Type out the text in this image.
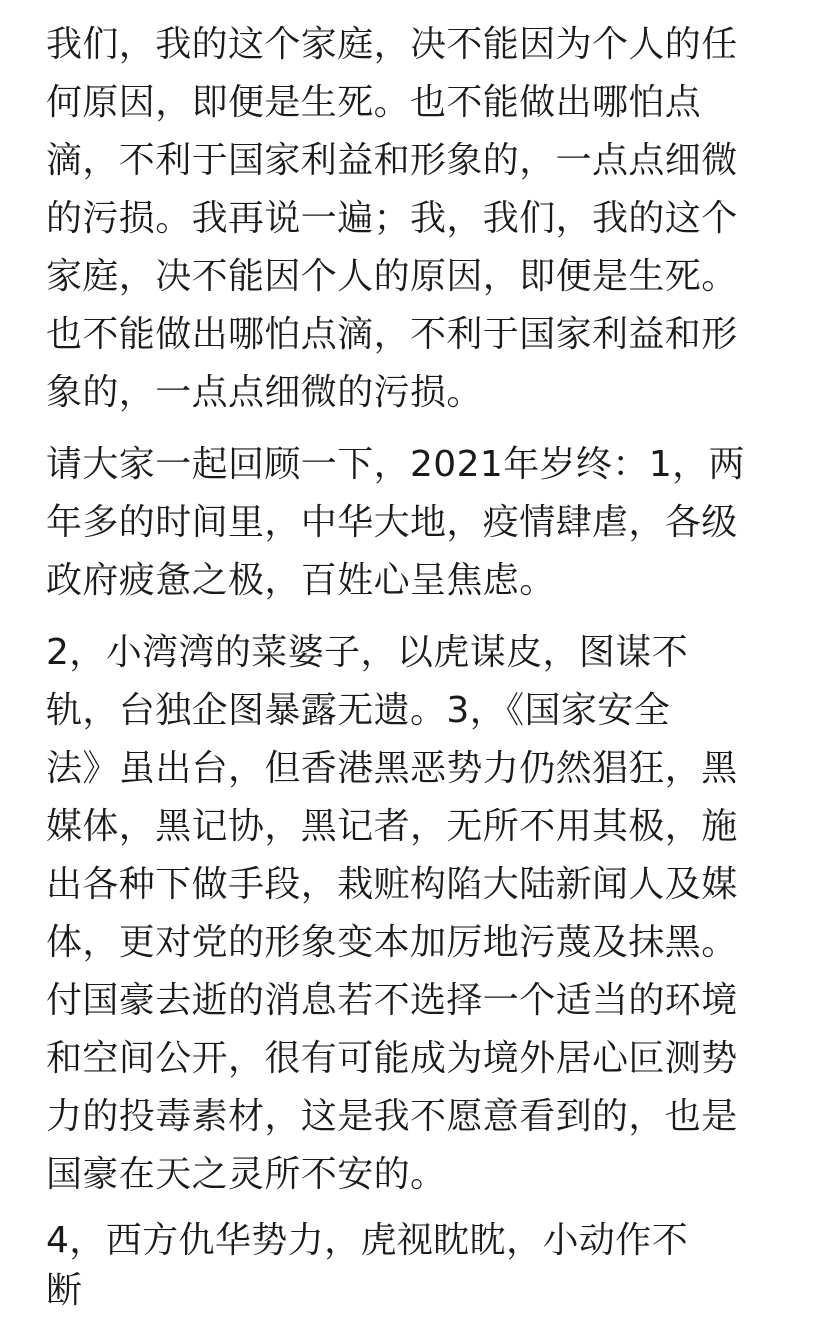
我们，我的这个家庭，决不能因为个人的任
何原因，即便是生死。也不能做出哪怕点
滴，不利于国家利益和形象的，一点点细微
的污损。我再说一遍；我，我们，我的这个
家庭，决不能因个人的原因，即便是生死。
也不能做出哪怕点滴，不利于国家利益和形
象的，一点点细微的污损。
请大家一起回顾一下，2021年岁终：1，两
年多的时间里，中华大地，疫情肆虐，各级
政府疲惫之极，百姓心呈焦虑。
2，小湾湾的菜婆子，以虎谋皮，图谋不
轨，台独企图暴露无遗。3，《国家安全
法》虽出台，但香港黑恶势力仍然猖狂，黑
媒体，黑记协，黑记者，无所不用其极，施
出各种下做手段，栽赃构陷大陆新闻人及媒
体，更对党的形象变本加厉地污蔑及抹黑。
付国豪去逝的消息若不选择一个适当的环境
和空间公开，很有可能成为境外居心叵测势
力的投毒素材，这是我不愿意看到的，也是
国豪在天之灵所不安的。
4，西方仇华势力，虎视眈眈，小动作不
断
